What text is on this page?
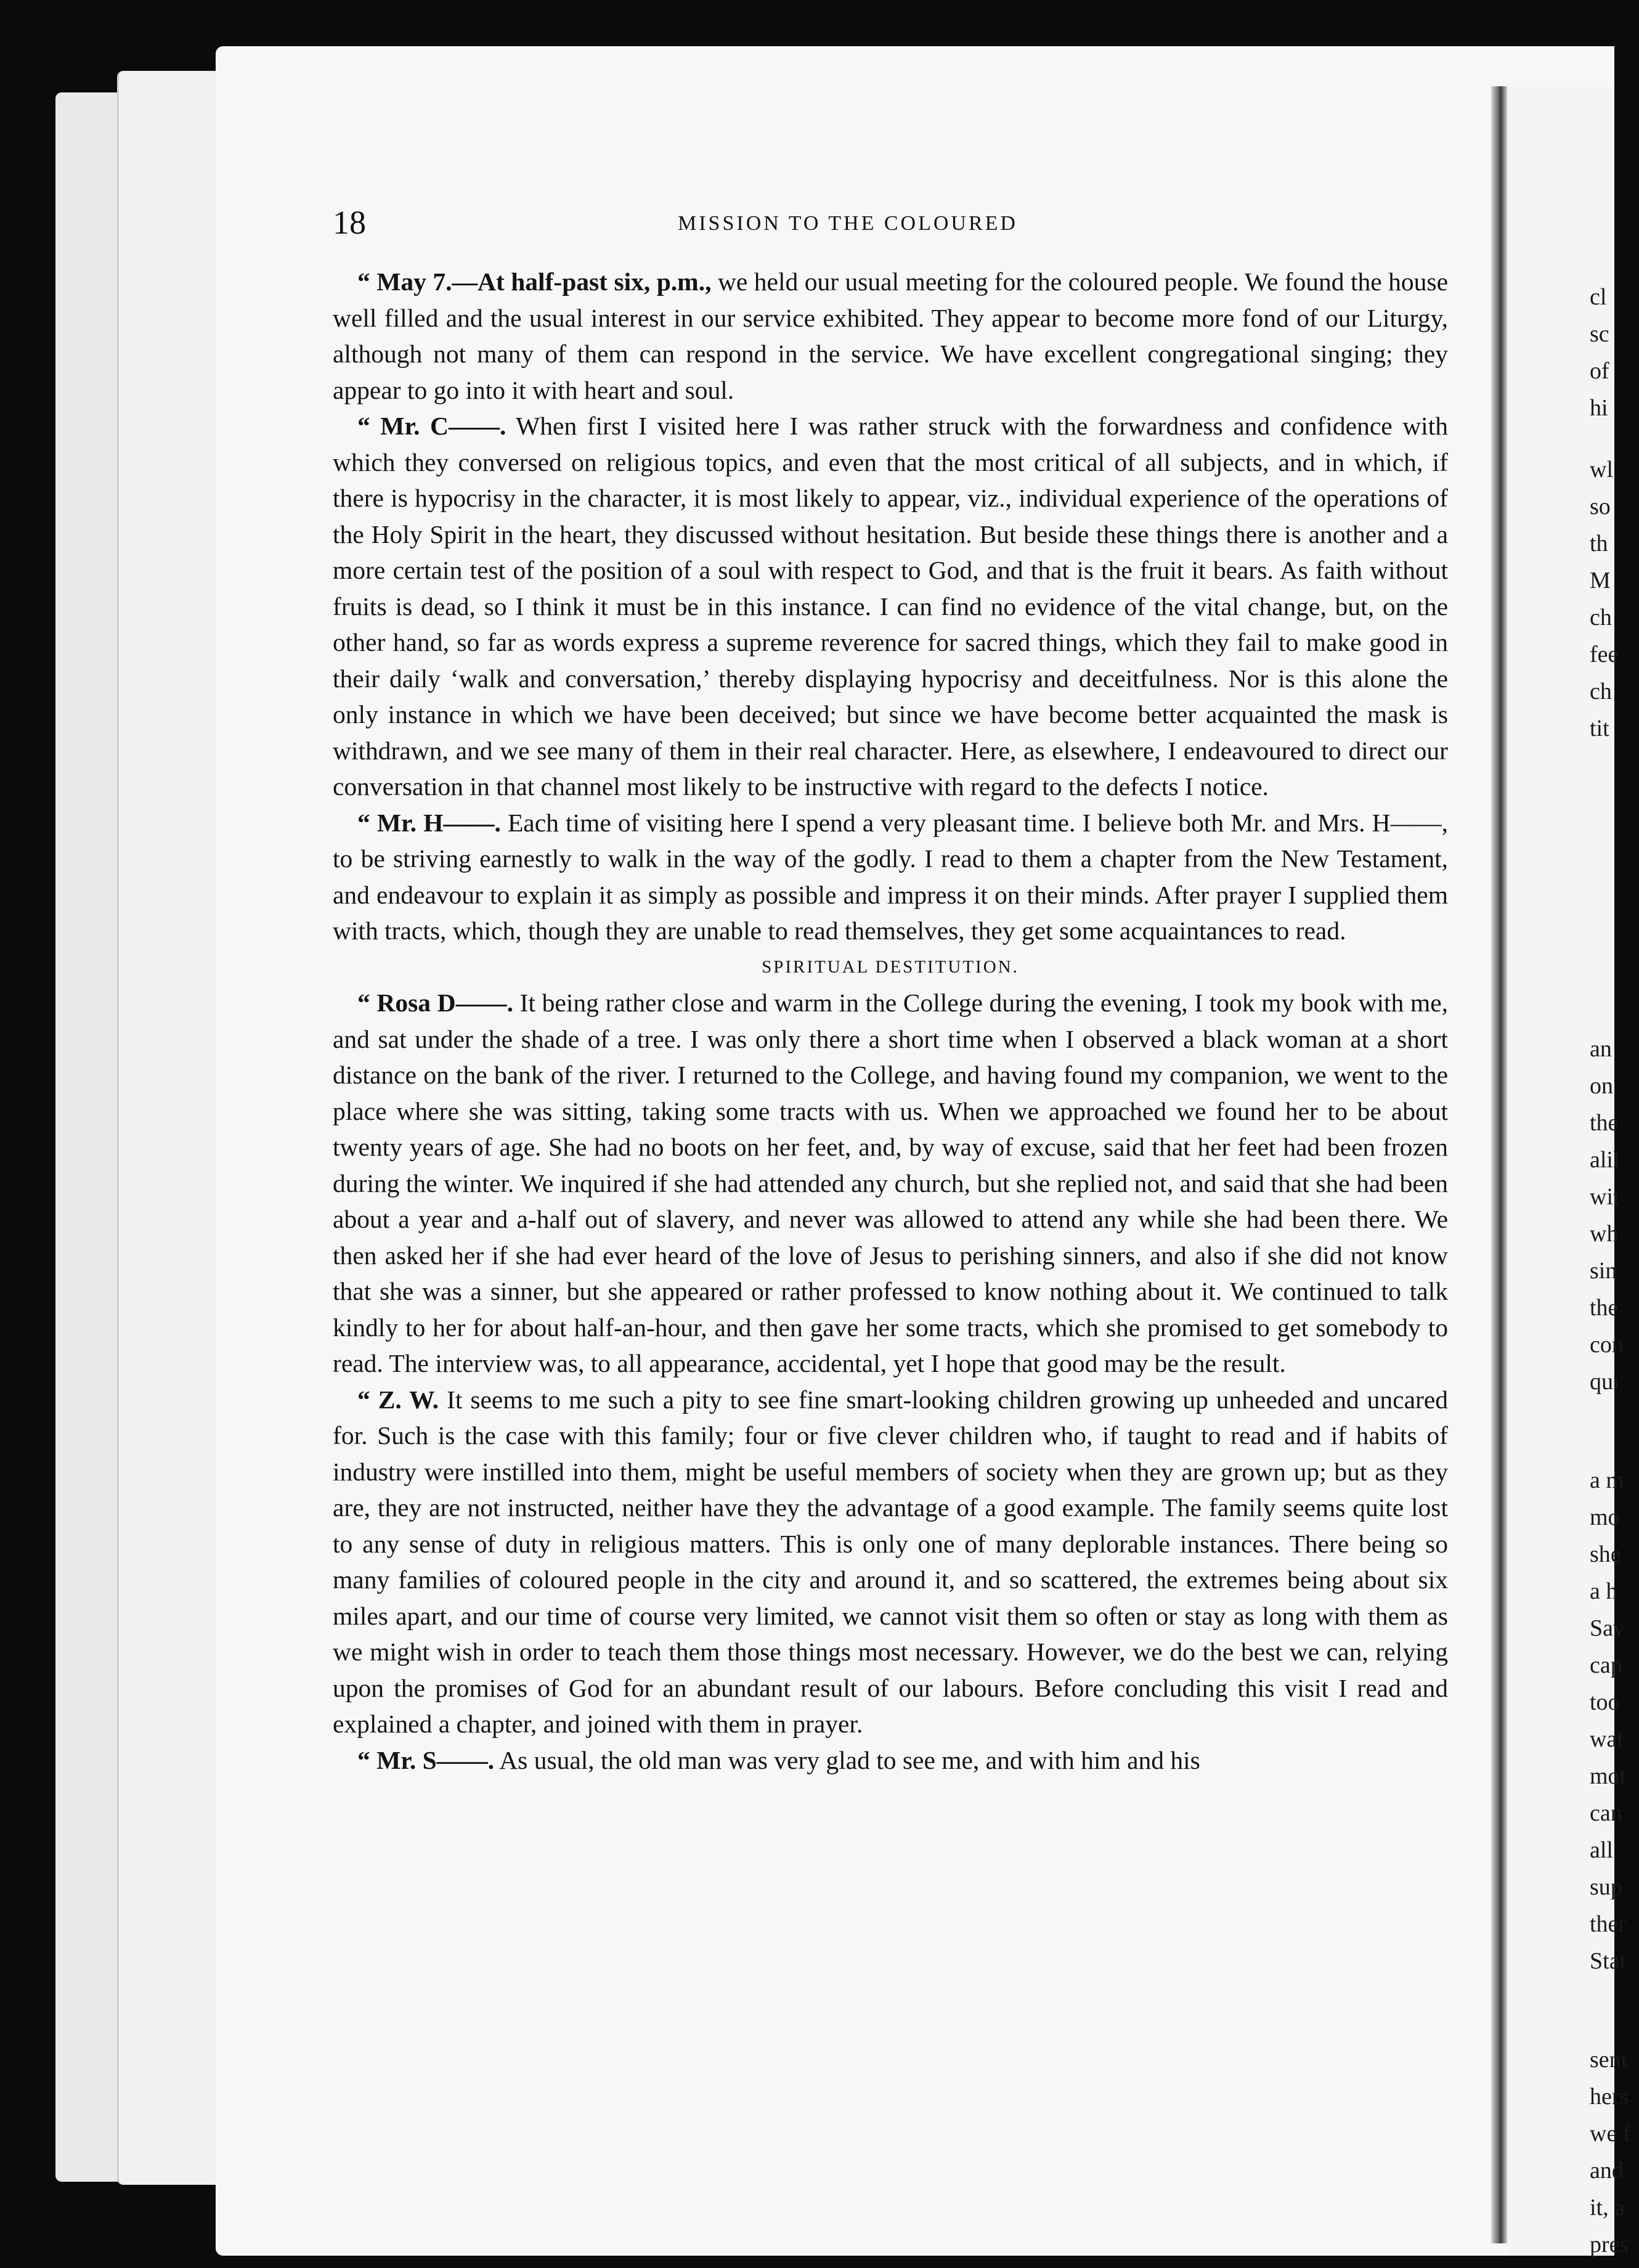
18	MISSION TO THE COLOURED

“ May 7.—At half-past six, p.m., we held our usual meeting for the coloured people. We found the house well filled and the usual interest in our service exhibited. They appear to become more fond of our Liturgy, although not many of them can respond in the service. We have excellent congregational singing; they appear to go into it with heart and soul.

“ Mr. C——. When first I visited here I was rather struck with the forwardness and confidence with which they conversed on religious topics, and even that the most critical of all subjects, and in which, if there is hypocrisy in the character, it is most likely to appear, viz., individual experience of the operations of the Holy Spirit in the heart, they discussed without hesitation. But beside these things there is another and a more certain test of the position of a soul with respect to God, and that is the fruit it bears. As faith without fruits is dead, so I think it must be in this instance. I can find no evidence of the vital change, but, on the other hand, so far as words express a supreme reverence for sacred things, which they fail to make good in their daily ‘walk and conversation,’ thereby displaying hypocrisy and deceitfulness. Nor is this alone the only instance in which we have been deceived; but since we have become better acquainted the mask is withdrawn, and we see many of them in their real character. Here, as elsewhere, I endeavoured to direct our conversation in that channel most likely to be instructive with regard to the defects I notice.

“ Mr. H——. Each time of visiting here I spend a very pleasant time. I believe both Mr. and Mrs. H——, to be striving earnestly to walk in the way of the godly. I read to them a chapter from the New Testament, and endeavour to explain it as simply as possible and impress it on their minds. After prayer I supplied them with tracts, which, though they are unable to read themselves, they get some acquaintances to read.

SPIRITUAL DESTITUTION.

“ Rosa D——. It being rather close and warm in the College during the evening, I took my book with me, and sat under the shade of a tree. I was only there a short time when I observed a black woman at a short distance on the bank of the river. I returned to the College, and having found my companion, we went to the place where she was sitting, taking some tracts with us. When we approached we found her to be about twenty years of age. She had no boots on her feet, and, by way of excuse, said that her feet had been frozen during the winter. We inquired if she had attended any church, but she replied not, and said that she had been about a year and a-half out of slavery, and never was allowed to attend any while she had been there. We then asked her if she had ever heard of the love of Jesus to perishing sinners, and also if she did not know that she was a sinner, but she appeared or rather professed to know nothing about it. We continued to talk kindly to her for about half-an-hour, and then gave her some tracts, which she promised to get somebody to read. The interview was, to all appearance, accidental, yet I hope that good may be the result.

“ Z. W. It seems to me such a pity to see fine smart-looking children growing up unheeded and uncared for. Such is the case with this family; four or five clever children who, if taught to read and if habits of industry were instilled into them, might be useful members of society when they are grown up; but as they are, they are not instructed, neither have they the advantage of a good example. The family seems quite lost to any sense of duty in religious matters. This is only one of many deplorable instances. There being so many families of coloured people in the city and around it, and so scattered, the extremes being about six miles apart, and our time of course very limited, we cannot visit them so often or stay as long with them as we might wish in order to teach them those things most necessary. However, we do the best we can, relying upon the promises of God for an abundant result of our labours. Before concluding this visit I read and explained a chapter, and joined with them in prayer.

“ Mr. S——. As usual, the old man was very glad to see me, and with him and his

cl
sc
of
hi
wl
so
th
M
ch
fee
ch
tit
an
on
the
alil
wit
wh
sin
the
con
qui
a m
mo
she
a h
Sav
cap
too
wat
mot
can
all
sup
ther
Stat
sent
hers
we f
and
it, a
pres
